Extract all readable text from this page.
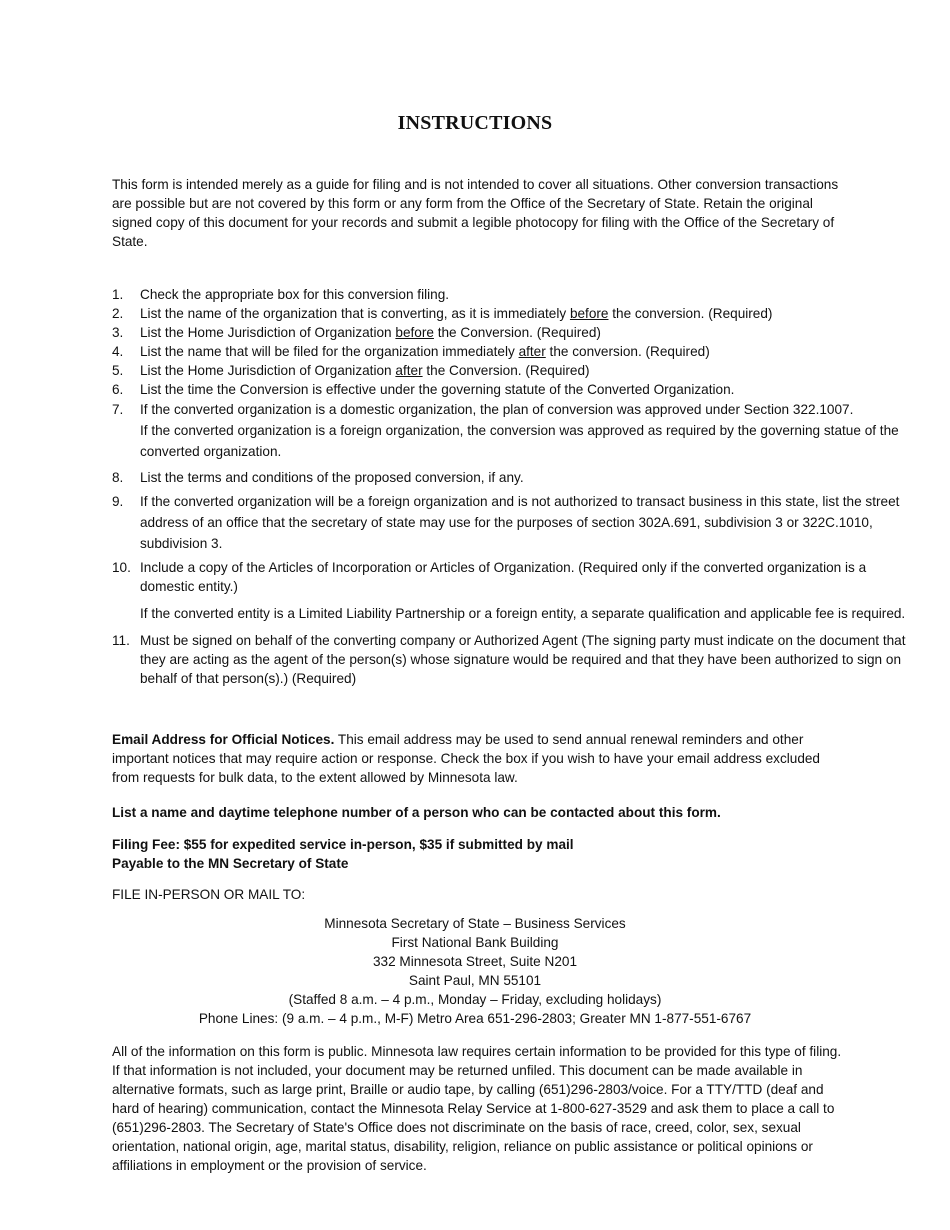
INSTRUCTIONS
This form is intended merely as a guide for filing and is not intended to cover all situations. Other conversion transactions are possible but are not covered by this form or any form from the Office of the Secretary of State. Retain the original signed copy of this document for your records and submit a legible photocopy for filing with the Office of the Secretary of State.
1. Check the appropriate box for this conversion filing.
2. List the name of the organization that is converting, as it is immediately before the conversion. (Required)
3. List the Home Jurisdiction of Organization before the Conversion. (Required)
4. List the name that will be filed for the organization immediately after the conversion. (Required)
5. List the Home Jurisdiction of Organization after the Conversion. (Required)
6. List the time the Conversion is effective under the governing statute of the Converted Organization.
7. If the converted organization is a domestic organization, the plan of conversion was approved under Section 322.1007.
If the converted organization is a foreign organization, the conversion was approved as required by the governing statue of the converted organization.
8. List the terms and conditions of the proposed conversion, if any.
9. If the converted organization will be a foreign organization and is not authorized to transact business in this state, list the street address of an office that the secretary of state may use for the purposes of section 302A.691, subdivision 3 or 322C.1010, subdivision 3.
10. Include a copy of the Articles of Incorporation or Articles of Organization. (Required only if the converted organization is a domestic entity.)
If the converted entity is a Limited Liability Partnership or a foreign entity, a separate qualification and applicable fee is required.
11. Must be signed on behalf of the converting company or Authorized Agent (The signing party must indicate on the document that they are acting as the agent of the person(s) whose signature would be required and that they have been authorized to sign on behalf of that person(s).) (Required)
Email Address for Official Notices. This email address may be used to send annual renewal reminders and other important notices that may require action or response. Check the box if you wish to have your email address excluded from requests for bulk data, to the extent allowed by Minnesota law.
List a name and daytime telephone number of a person who can be contacted about this form.
Filing Fee: $55 for expedited service in-person, $35 if submitted by mail
Payable to the MN Secretary of State
FILE IN-PERSON OR MAIL TO:
Minnesota Secretary of State – Business Services
First National Bank Building
332 Minnesota Street, Suite N201
Saint Paul, MN 55101
(Staffed 8 a.m. – 4 p.m., Monday – Friday, excluding holidays)
Phone Lines: (9 a.m. – 4 p.m., M-F) Metro Area 651-296-2803; Greater MN 1-877-551-6767
All of the information on this form is public. Minnesota law requires certain information to be provided for this type of filing. If that information is not included, your document may be returned unfiled. This document can be made available in alternative formats, such as large print, Braille or audio tape, by calling (651)296-2803/voice. For a TTY/TTD (deaf and hard of hearing) communication, contact the Minnesota Relay Service at 1-800-627-3529 and ask them to place a call to (651)296-2803. The Secretary of State's Office does not discriminate on the basis of race, creed, color, sex, sexual orientation, national origin, age, marital status, disability, religion, reliance on public assistance or political opinions or affiliations in employment or the provision of service.
